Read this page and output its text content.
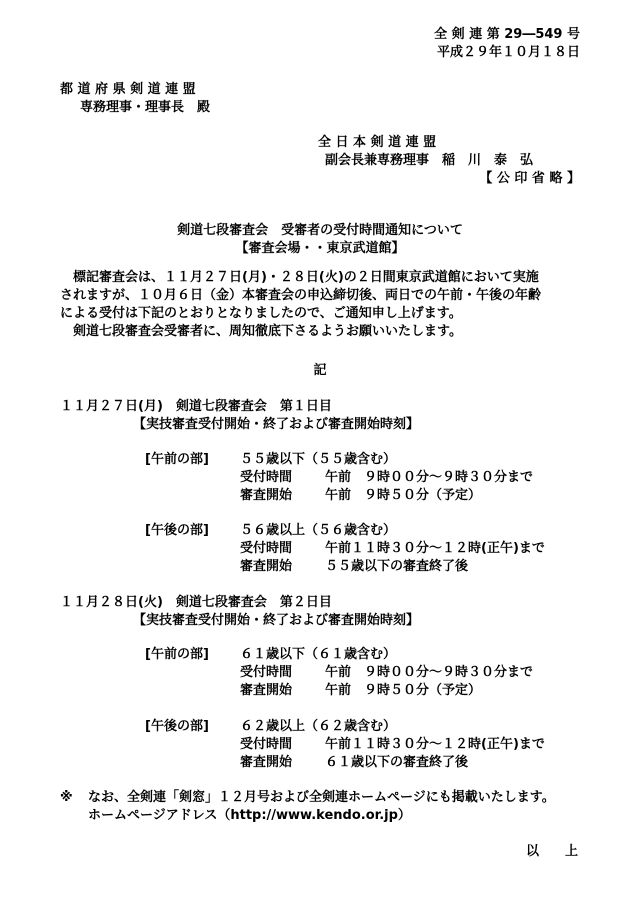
全 剣 連 第 29―549 号
平成２９年１０月１８日
都 道 府 県 剣 道 連 盟
専務理事・理事長　殿
全 日 本 剣 道 連 盟
副会長兼専務理事　稲　川　泰　弘
【 公 印 省 略 】
剣道七段審査会　受審者の受付時間通知について
【審査会場・・東京武道館】
　標記審査会は、１１月２７日(月)・２８日(火)の２日間東京武道館において実施
されますが、１０月６日（金）本審査会の申込締切後、両日での午前・午後の年齢
による受付は下記のとおりとなりましたので、ご通知申し上げます。
　剣道七段審査会受審者に、周知徹底下さるようお願いいたします。
記
１１月２７日(月)　剣道七段審査会　第１日目
【実技審査受付開始・終了および審査開始時刻】
[午前の部] ５５歳以下（５５歳含む）
受付時間	午前　９時００分～９時３０分まで
審査開始	午前　９時５０分（予定）
[午後の部] ５６歳以上（５６歳含む）
受付時間	午前１１時３０分～１２時(正午)まで
審査開始	５５歳以下の審査終了後
１１月２８日(火)　剣道七段審査会　第２日目
【実技審査受付開始・終了および審査開始時刻】
[午前の部] ６１歳以下（６１歳含む）
受付時間	午前　９時００分～９時３０分まで
審査開始	午前　９時５０分（予定）
[午後の部] ６２歳以上（６２歳含む）
受付時間	午前１１時３０分～１２時(正午)まで
審査開始	６１歳以下の審査終了後
※ なお、全剣連「剣窓」１２月号および全剣連ホームページにも掲載いたします。
ホームページアドレス（http://www.kendo.or.jp）
以　　上
